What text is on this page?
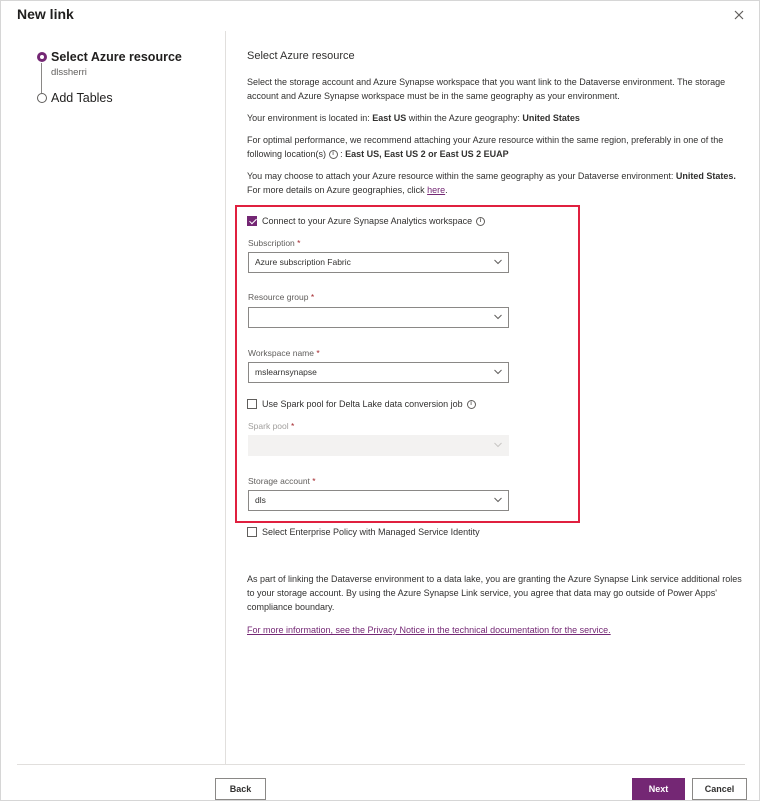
New link
Select Azure resource
dlssherri
Add Tables
Select Azure resource
Select the storage account and Azure Synapse workspace that you want link to the Dataverse environment. The storage account and Azure Synapse workspace must be in the same geography as your environment.
Your environment is located in: East US within the Azure geography: United States
For optimal performance, we recommend attaching your Azure resource within the same region, preferably in one of the following location(s) i : East US, East US 2 or East US 2 EUAP
You may choose to attach your Azure resource within the same geography as your Dataverse environment: United States. For more details on Azure geographies, click here.
Connect to your Azure Synapse Analytics workspace	i
Subscription *
Azure subscription Fabric
Resource group *
Workspace name *
mslearnsynapse
Use Spark pool for Delta Lake data conversion job	i
Spark pool *
Storage account *
dls
Select Enterprise Policy with Managed Service Identity
As part of linking the Dataverse environment to a data lake, you are granting the Azure Synapse Link service additional roles to your storage account. By using the Azure Synapse Link service, you agree that data may go outside of Power Apps' compliance boundary.
For more information, see the Privacy Notice in the technical documentation for the service.
Back	Next	Cancel
